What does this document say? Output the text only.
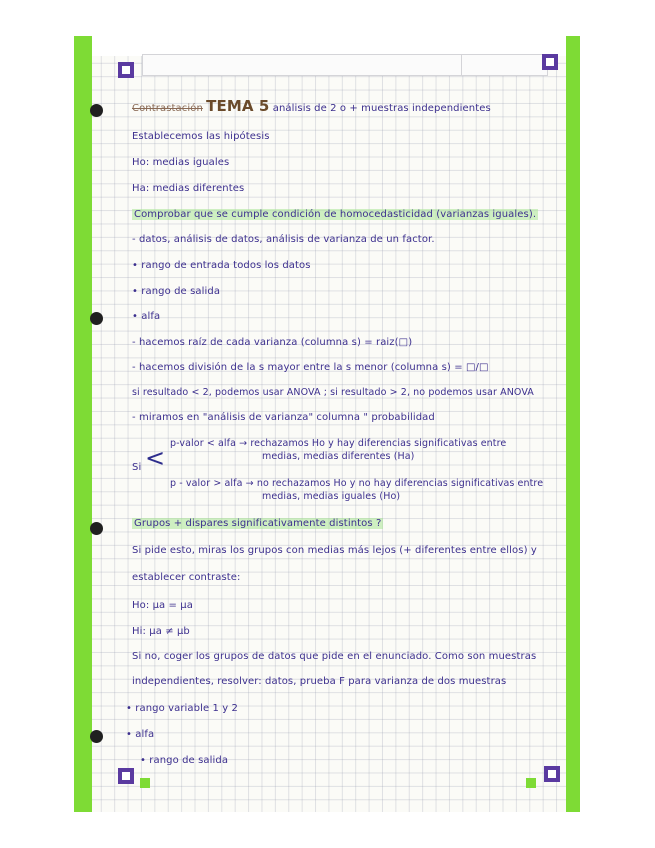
Contrastación TEMA 5 análisis de 2 o + muestras independientes
Establecemos las hipótesis
Ho: medias iguales
Ha: medias diferentes
Comprobar que se cumple condición de homocedasticidad (varianzas iguales).
- datos, análisis de datos, análisis de varianza de un factor.
• rango de entrada todos los datos
• rango de salida
• alfa
- hacemos raíz de cada varianza (columna s) = raiz(□)
- hacemos división de la s mayor entre la s menor (columna s) = □/□
si resultado < 2, podemos usar ANOVA ; si resultado > 2, no podemos usar ANOVA
- miramos en "análisis de varianza" columna " probabilidad
Si <
p-valor < alfa → rechazamos Ho y hay diferencias significativas entre
medias, medias diferentes (Ha)
p - valor > alfa → no rechazamos Ho y no hay diferencias significativas entre
medias, medias iguales (Ho)
Grupos + dispares significativamente distintos ?
Si pide esto, miras los grupos con medias más lejos (+ diferentes entre ellos) y
establecer contraste:
Ho: μa = μa
Hi: μa ≠ μb
Si no, coger los grupos de datos que pide en el enunciado. Como son muestras
independientes, resolver: datos, prueba F para varianza de dos muestras
• rango variable 1 y 2
• alfa
• rango de salida
